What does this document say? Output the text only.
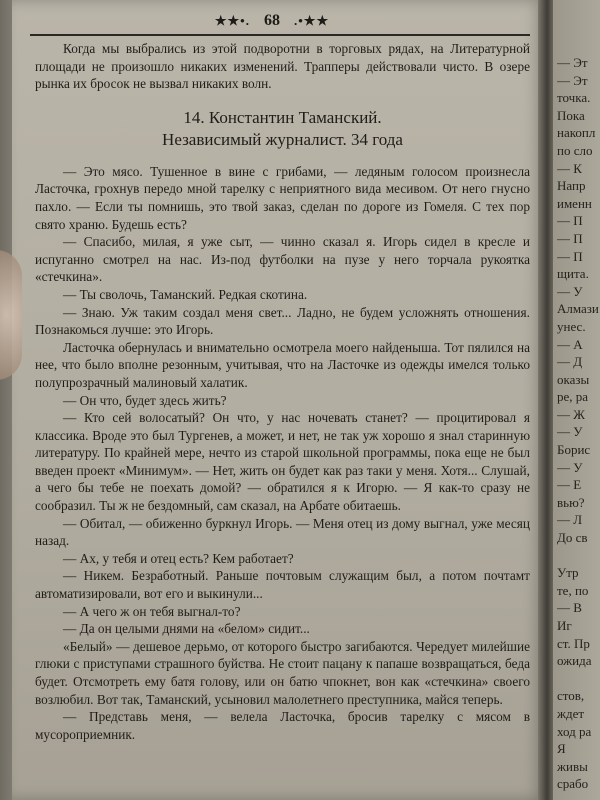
★★•. 68 .•★★

Когда мы выбрались из этой подворотни в торговых рядах, на Литературной площади не произошло никаких изменений. Трапперы действовали чисто. В озере рынка их бросок не вызвал никаких волн.

14. Константин Таманский.
Независимый журналист. 34 года

— Это мясо. Тушенное в вине с грибами, — ледяным голосом произнесла Ласточка, грохнув передо мной тарелку с неприятного вида месивом. От него гнусно пахло. — Если ты помнишь, это твой заказ, сделан по дороге из Гомеля. С тех пор свято храню. Будешь есть?

— Спасибо, милая, я уже сыт, — чинно сказал я. Игорь сидел в кресле и испуганно смотрел на нас. Из-под футболки на пузе у него торчала рукоятка «стечкина».

— Ты сволочь, Таманский. Редкая скотина.

— Знаю. Уж таким создал меня свет... Ладно, не будем усложнять отношения. Познакомься лучше: это Игорь.

Ласточка обернулась и внимательно осмотрела моего найденыша. Тот пялился на нее, что было вполне резонным, учитывая, что на Ласточке из одежды имелся только полупрозрачный малиновый халатик.

— Он что, будет здесь жить?

— Кто сей волосатый? Он что, у нас ночевать станет? — процитировал я классика. Вроде это был Тургенев, а может, и нет, не так уж хорошо я знал старинную литературу. По крайней мере, нечто из старой школьной программы, пока еще не был введен проект «Минимум». — Нет, жить он будет как раз таки у меня. Хотя... Слушай, а чего бы тебе не поехать домой? — обратился я к Игорю. — Я как-то сразу не сообразил. Ты ж не бездомный, сам сказал, на Арбате обитаешь.

— Обитал, — обиженно буркнул Игорь. — Меня отец из дому выгнал, уже месяц назад.

— Ах, у тебя и отец есть? Кем работает?

— Никем. Безработный. Раньше почтовым служащим был, а потом почтамт автоматизировали, вот его и выкинули...

— А чего ж он тебя выгнал-то?

— Да он целыми днями на «белом» сидит...

«Белый» — дешевое дерьмо, от которого быстро загибаются. Чередует милейшие глюки с приступами страшного буйства. Не стоит пацану к папаше возвращаться, беда будет. Отсмотреть ему батя голову, или он батю чпокнет, вон как «стечкина» своего возлюбил. Вот так, Таманский, усыновил малолетнего преступника, майся теперь.

— Представь меня, — велела Ласточка, бросив тарелку с мясом в мусороприемник.

— Эт
— Эт
точка.
Пока
накопл
по сло
— К
Напр
именн
— П
— П
— П
щита.
— У
Алмази
унес.
— А
— Д
оказы
ре, ра
— Ж
— У
Борис
— У
— Е
вью?
— Л
До св

Утр
те, по
— В
Иг
ст. Пр
ожида

стов,
ждет
ход ра
Я
живы
срабо
